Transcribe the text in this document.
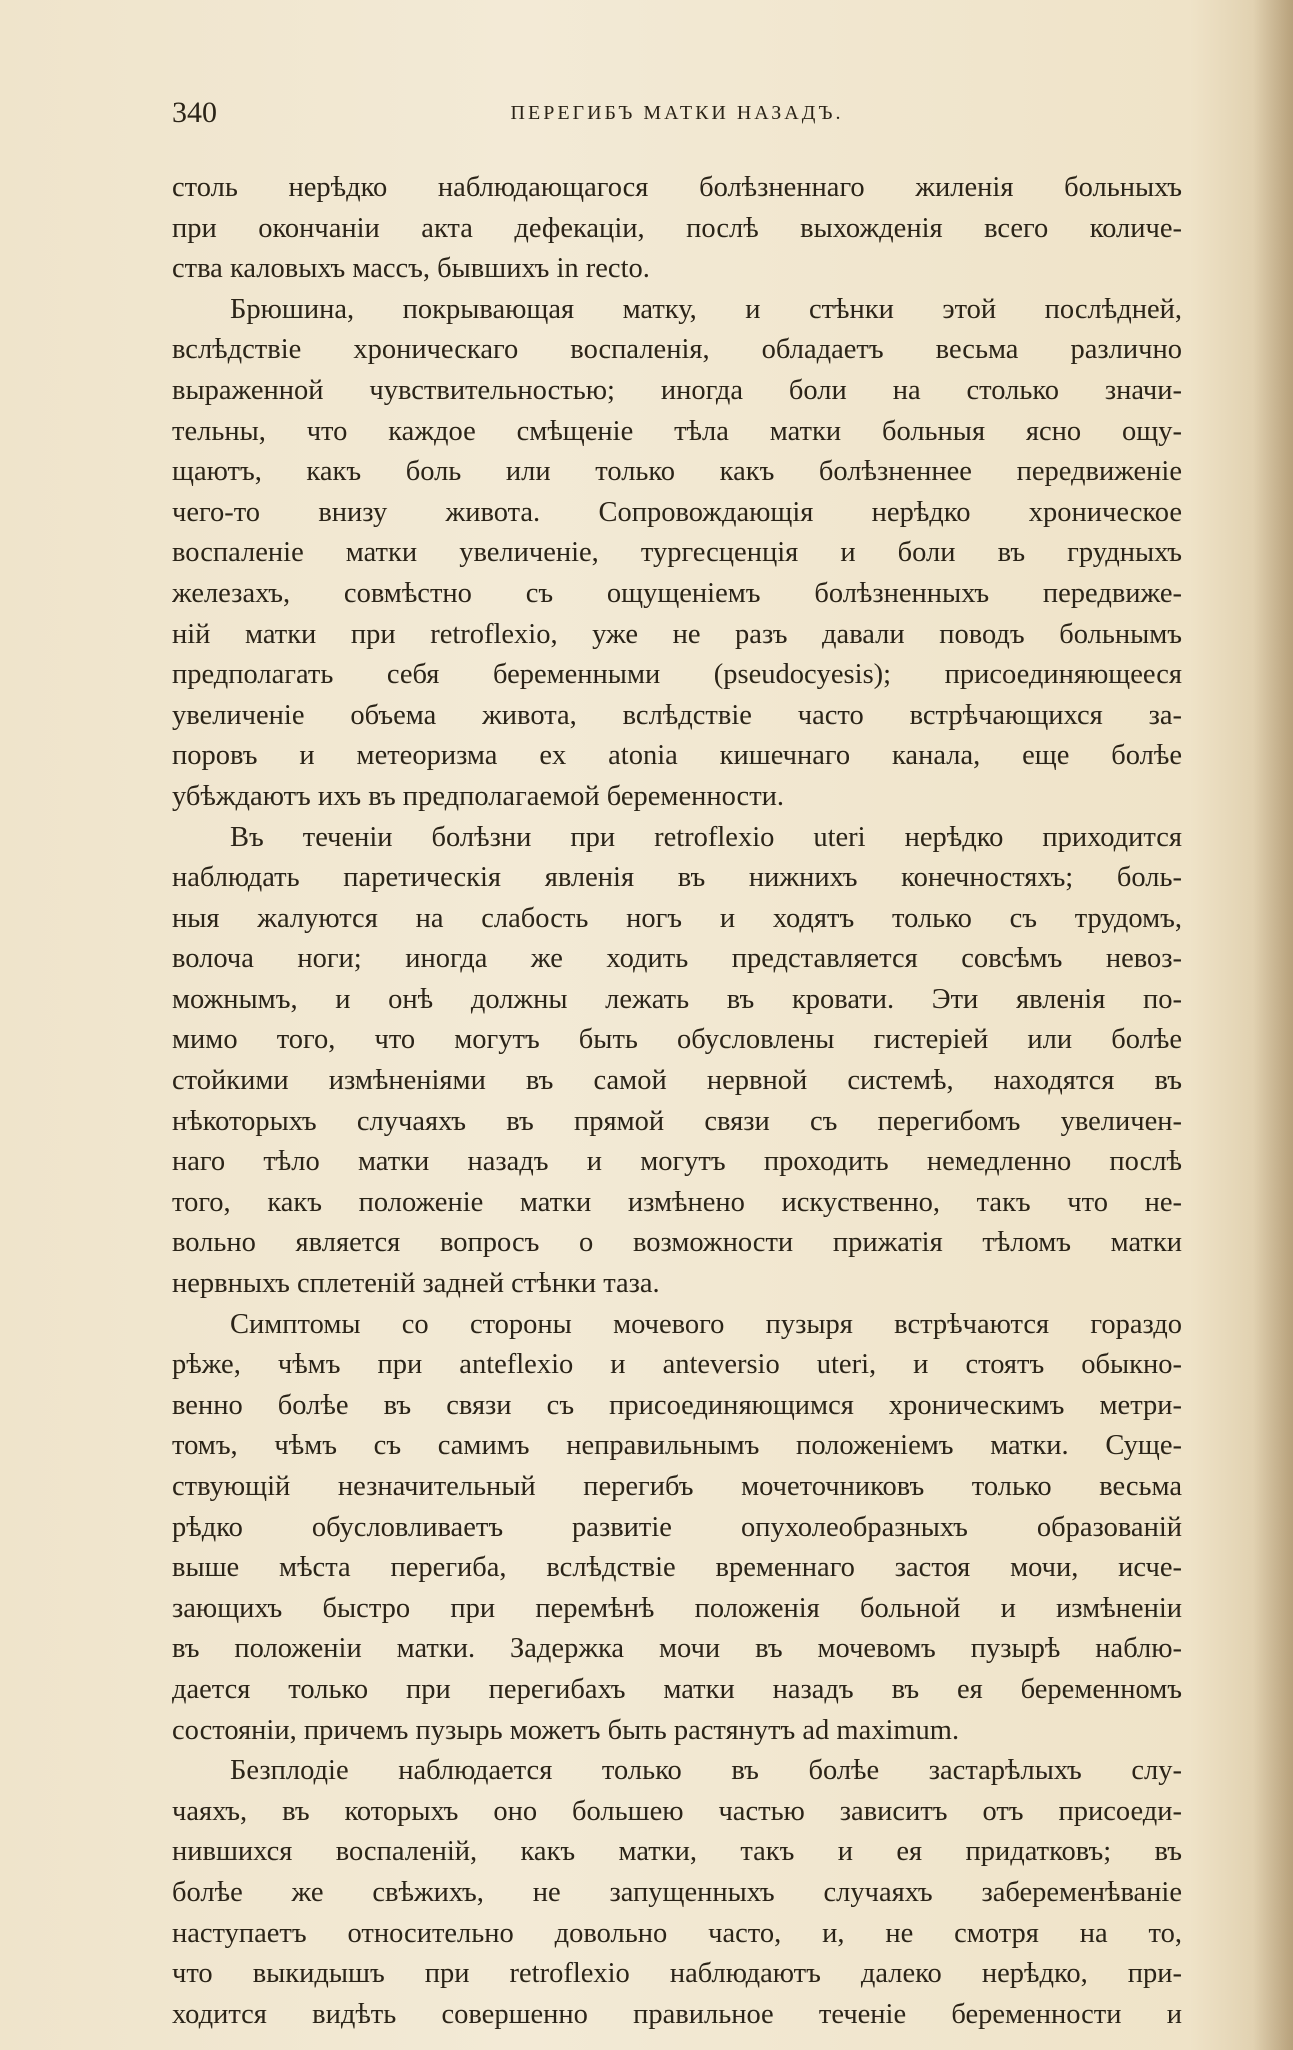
340	ПЕРЕГИБЪ МАТКИ НАЗАДЪ.
столь нерѣдко наблюдающагося болѣзненнаго жиленія больныхъ
при окончаніи акта дефекаціи, послѣ выхожденія всего количе-
ства каловыхъ массъ, бывшихъ in recto.
Брюшина, покрывающая матку, и стѣнки этой послѣдней,
вслѣдствіе хроническаго воспаленія, обладаетъ весьма различно
выраженной чувствительностью; иногда боли на столько значи-
тельны, что каждое смѣщеніе тѣла матки больныя ясно ощу-
щаютъ, какъ боль или только какъ болѣзненнее передвиженіе
чего-то внизу живота. Сопровождающія нерѣдко хроническое
воспаленіе матки увеличеніе, тургесценція и боли въ грудныхъ
железахъ, совмѣстно съ ощущеніемъ болѣзненныхъ передвиже-
ній матки при retroflexio, уже не разъ давали поводъ больнымъ
предполагать себя беременными (pseudocyesis); присоединяющееся
увеличеніе объема живота, вслѣдствіе часто встрѣчающихся за-
поровъ и метеоризма ex atonia кишечнаго канала, еще болѣе
убѣждаютъ ихъ въ предполагаемой беременности.
Въ теченіи болѣзни при retroflexio uteri нерѣдко приходится
наблюдать паретическія явленія въ нижнихъ конечностяхъ; боль-
ныя жалуются на слабость ногъ и ходятъ только съ трудомъ,
волоча ноги; иногда же ходить представляется совсѣмъ невоз-
можнымъ, и онѣ должны лежать въ кровати. Эти явленія по-
мимо того, что могутъ быть обусловлены гистеріей или болѣе
стойкими измѣненіями въ самой нервной системѣ, находятся въ
нѣкоторыхъ случаяхъ въ прямой связи съ перегибомъ увеличен-
наго тѣло матки назадъ и могутъ проходить немедленно послѣ
того, какъ положеніе матки измѣнено искуственно, такъ что не-
вольно является вопросъ о возможности прижатія тѣломъ матки
нервныхъ сплетеній задней стѣнки таза.
Симптомы со стороны мочевого пузыря встрѣчаются гораздо
рѣже, чѣмъ при anteflexio и anteversio uteri, и стоятъ обыкно-
венно болѣе въ связи съ присоединяющимся хроническимъ метри-
томъ, чѣмъ съ самимъ неправильнымъ положеніемъ матки. Суще-
ствующій незначительный перегибъ мочеточниковъ только весьма
рѣдко обусловливаетъ развитіе опухолеобразныхъ образованій
выше мѣста перегиба, вслѣдствіе временнаго застоя мочи, исче-
зающихъ быстро при перемѣнѣ положенія больной и измѣненіи
въ положеніи матки. Задержка мочи въ мочевомъ пузырѣ наблю-
дается только при перегибахъ матки назадъ въ ея беременномъ
состояніи, причемъ пузырь можетъ быть растянутъ ad maximum.
Безплодіе наблюдается только въ болѣе застарѣлыхъ слу-
чаяхъ, въ которыхъ оно большею частью зависитъ отъ присоеди-
нившихся воспаленій, какъ матки, такъ и ея придатковъ; въ
болѣе же свѣжихъ, не запущенныхъ случаяхъ забеременѣваніе
наступаетъ относительно довольно часто, и, не смотря на то,
что выкидышъ при retroflexio наблюдаютъ далеко нерѣдко, при-
ходится видѣть совершенно правильное теченіе беременности и
